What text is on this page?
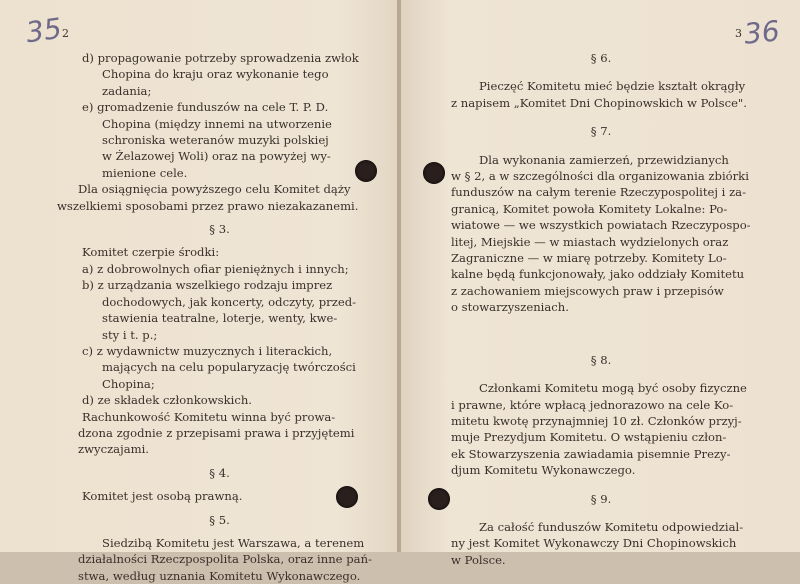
35
2
d) propagowanie potrzeby sprowadzenia zwłok
Chopina do kraju oraz wykonanie tego
zadania;
e) gromadzenie funduszów na cele T. P. D.
Chopina (między innemi na utworzenie
schroniska weteranów muzyki polskiej
w Żelazowej Woli) oraz na powyżej wy-
mienione cele.
Dla osiągnięcia powyższego celu Komitet dąży
wszelkiemi sposobami przez prawo niezakazanemi.
§ 3.
Komitet czerpie środki:
a) z dobrowolnych ofiar pieniężnych i innych;
b) z urządzania wszelkiego rodzaju imprez
dochodowych, jak koncerty, odczyty, przed-
stawienia teatralne, loterje, wenty, kwe-
sty i t. p.;
c) z wydawnictw muzycznych i literackich,
mających na celu popularyzację twórczości
Chopina;
d) ze składek członkowskich.
Rachunkowość Komitetu winna być prowa-
dzona zgodnie z przepisami prawa i przyjętemi
zwyczajami.
§ 4.
Komitet jest osobą prawną.
§ 5.
Siedzibą Komitetu jest Warszawa, a terenem
działalności Rzeczpospolita Polska, oraz inne pań-
stwa, według uznania Komitetu Wykonawczego.
3 36
§ 6.
Pieczęć Komitetu mieć będzie kształt okrągły
z napisem „Komitet Dni Chopinowskich w Polsce".
§ 7.
Dla wykonania zamierzeń, przewidzianych
w § 2, a w szczególności dla organizowania zbiórki
funduszów na całym terenie Rzeczypospolitej i za-
granicą, Komitet powoła Komitety Lokalne: Po-
wiatowe — we wszystkich powiatach Rzeczypospo-
litej, Miejskie — w miastach wydzielonych oraz
Zagraniczne — w miarę potrzeby. Komitety Lo-
kalne będą funkcjonowały, jako oddziały Komitetu
z zachowaniem miejscowych praw i przepisów
o stowarzyszeniach.
§ 8.
Członkami Komitetu mogą być osoby fizyczne
i prawne, które wpłacą jednorazowo na cele Ko-
mitetu kwotę przynajmniej 10 zł. Członków przyj-
muje Prezydjum Komitetu. O wstąpieniu człon-
ek Stowarzyszenia zawiadamia pisemnie Prezy-
djum Komitetu Wykonawczego.
§ 9.
Za całość funduszów Komitetu odpowiedzial-
ny jest Komitet Wykonawczy Dni Chopinowskich
w Polsce.
